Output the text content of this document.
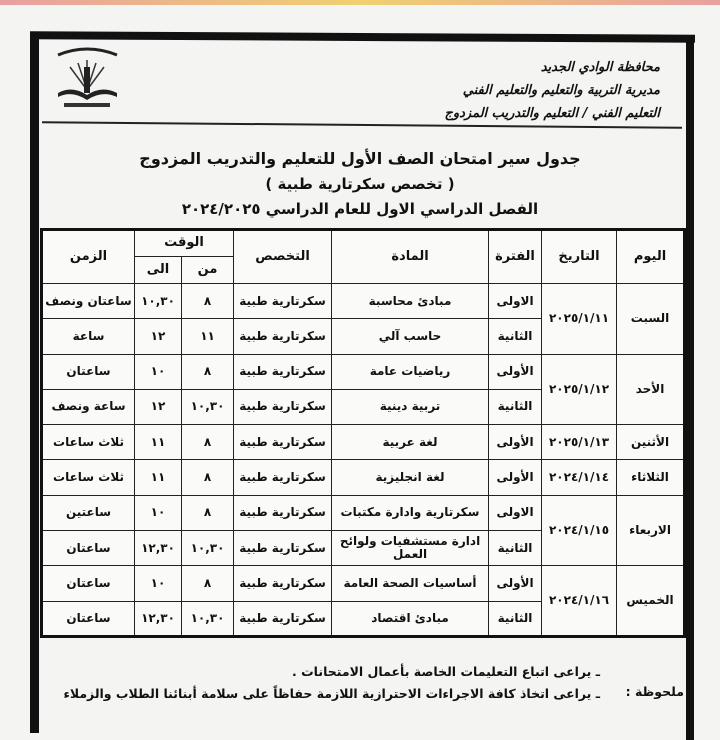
محافظة الوادي الجديد
مديرية التربية والتعليم والتعليم الفني
التعليم الفني / التعليم والتدريب المزدوج
جدول سير امتحان الصف الأول للتعليم والتدريب المزدوج
( تخصص سكرتارية طبية )
الفصل الدراسي الاول للعام الدراسي ٢٠٢٤/٢٠٢٥
اليوم	التاريخ	الفترة	المادة	التخصص	الوقت		الزمن
					من	الى	
السبت	٢٠٢٥/١/١١	الاولى	مبادئ محاسبة	سكرتارية طبية	٨	١٠,٣٠	ساعتان ونصف
		الثانية	حاسب آلي	سكرتارية طبية	١١	١٢	ساعة
الأحد	٢٠٢٥/١/١٢	الأولى	رياضيات عامة	سكرتارية طبية	٨	١٠	ساعتان
		الثانية	تربية دينية	سكرتارية طبية	١٠,٣٠	١٢	ساعة ونصف
الأثنين	٢٠٢٥/١/١٣	الأولى	لغة عربية	سكرتارية طبية	٨	١١	ثلاث ساعات
الثلاثاء	٢٠٢٤/١/١٤	الأولى	لغة انجليزية	سكرتارية طبية	٨	١١	ثلاث ساعات
الاربعاء	٢٠٢٤/١/١٥	الاولى	سكرتارية وادارة مكتبات	سكرتارية طبية	٨	١٠	ساعتين
		الثانية	ادارة مستشفيات ولوائح العمل	سكرتارية طبية	١٠,٣٠	١٢,٣٠	ساعتان
الخميس	٢٠٢٤/١/١٦	الأولى	أساسيات الصحة العامة	سكرتارية طبية	٨	١٠	ساعتان
		الثانية	مبادئ اقتصاد	سكرتارية طبية	١٠,٣٠	١٢,٣٠	ساعتان
ملحوظة :
ـ يراعى اتباع التعليمات الخاصة بأعمال الامتحانات .
ـ يراعى اتخاذ كافة الاجراءات الاحترازية اللازمة حفاظاً على سلامة أبنائنا الطلاب والزملاء
